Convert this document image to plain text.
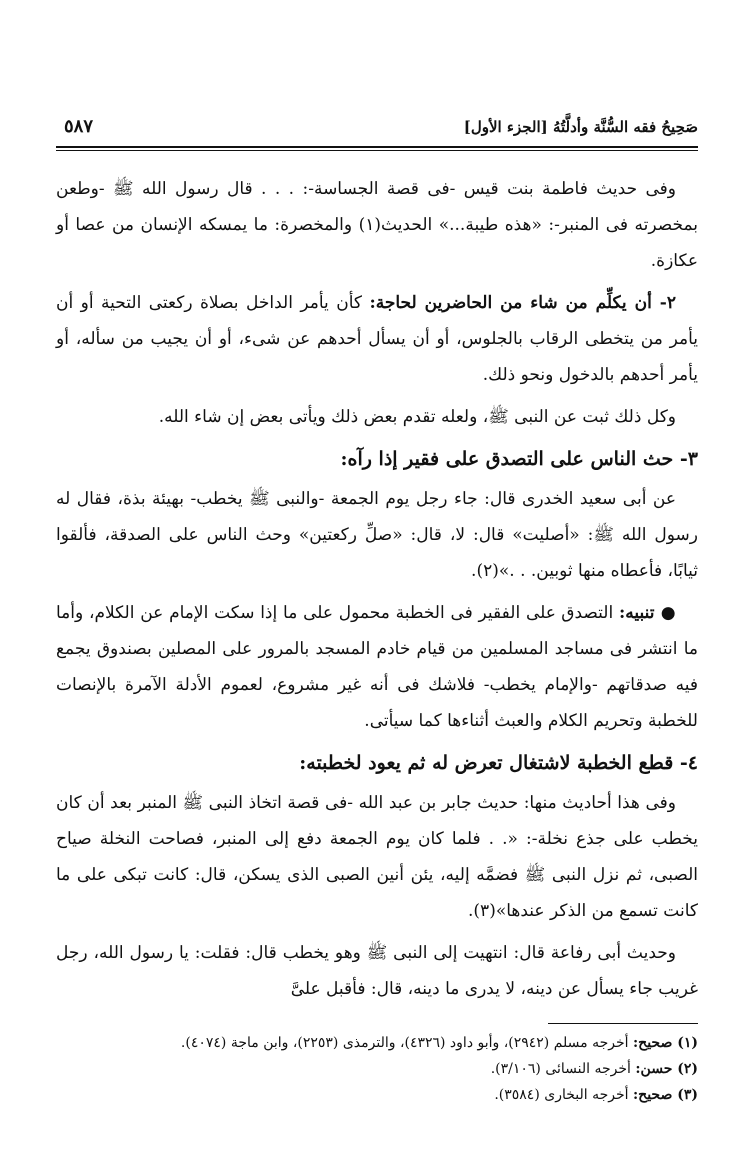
صَحِيحُ فقه السُّنَّة وأدلَّتُهُ [الجزء الأول]
٥٨٧

وفى حديث فاطمة بنت قيس -فى قصة الجساسة-: . . . قال رسول الله ﷺ -وطعن بمخصرته فى المنبر-: «هذه طيبة...» الحديث(١) والمخصرة: ما يمسكه الإنسان من عصا أو عكازة.

٢- أن يكلِّم من شاء من الحاضرين لحاجة: كأن يأمر الداخل بصلاة ركعتى التحية أو أن يأمر من يتخطى الرقاب بالجلوس، أو أن يسأل أحدهم عن شىء، أو أن يجيب من سأله، أو يأمر أحدهم بالدخول ونحو ذلك.

وكل ذلك ثبت عن النبى ﷺ، ولعله تقدم بعض ذلك ويأتى بعض إن شاء الله.

٣- حث الناس على التصدق على فقير إذا رآه:

عن أبى سعيد الخدرى قال: جاء رجل يوم الجمعة -والنبى ﷺ يخطب- بهيئة بذة، فقال له رسول الله ﷺ: «أصليت» قال: لا، قال: «صلِّ ركعتين» وحث الناس على الصدقة، فألقوا ثيابًا، فأعطاه منها ثوبين. . .»(٢).

● تنبيه: التصدق على الفقير فى الخطبة محمول على ما إذا سكت الإمام عن الكلام، وأما ما انتشر فى مساجد المسلمين من قيام خادم المسجد بالمرور على المصلين بصندوق يجمع فيه صدقاتهم -والإمام يخطب- فلاشك فى أنه غير مشروع، لعموم الأدلة الآمرة بالإنصات للخطبة وتحريم الكلام والعبث أثناءها كما سيأتى.

٤- قطع الخطبة لاشتغال تعرض له ثم يعود لخطبته:

وفى هذا أحاديث منها: حديث جابر بن عبد الله -فى قصة اتخاذ النبى ﷺ المنبر بعد أن كان يخطب على جذع نخلة-: «. . فلما كان يوم الجمعة دفع إلى المنبر، فصاحت النخلة صياح الصبى، ثم نزل النبى ﷺ فضمَّه إليه، يئن أنين الصبى الذى يسكن، قال: كانت تبكى على ما كانت تسمع من الذكر عندها»(٣).

وحديث أبى رفاعة قال: انتهيت إلى النبى ﷺ وهو يخطب قال: فقلت: يا رسول الله، رجل غريب جاء يسأل عن دينه، لا يدرى ما دينه، قال: فأقبل علىَّ

(١) صحيح: أخرجه مسلم (٢٩٤٢)، وأبو داود (٤٣٢٦)، والترمذى (٢٢٥٣)، وابن ماجة (٤٠٧٤).
(٢) حسن: أخرجه النسائى (٣/١٠٦).
(٣) صحيح: أخرجه البخارى (٣٥٨٤).
